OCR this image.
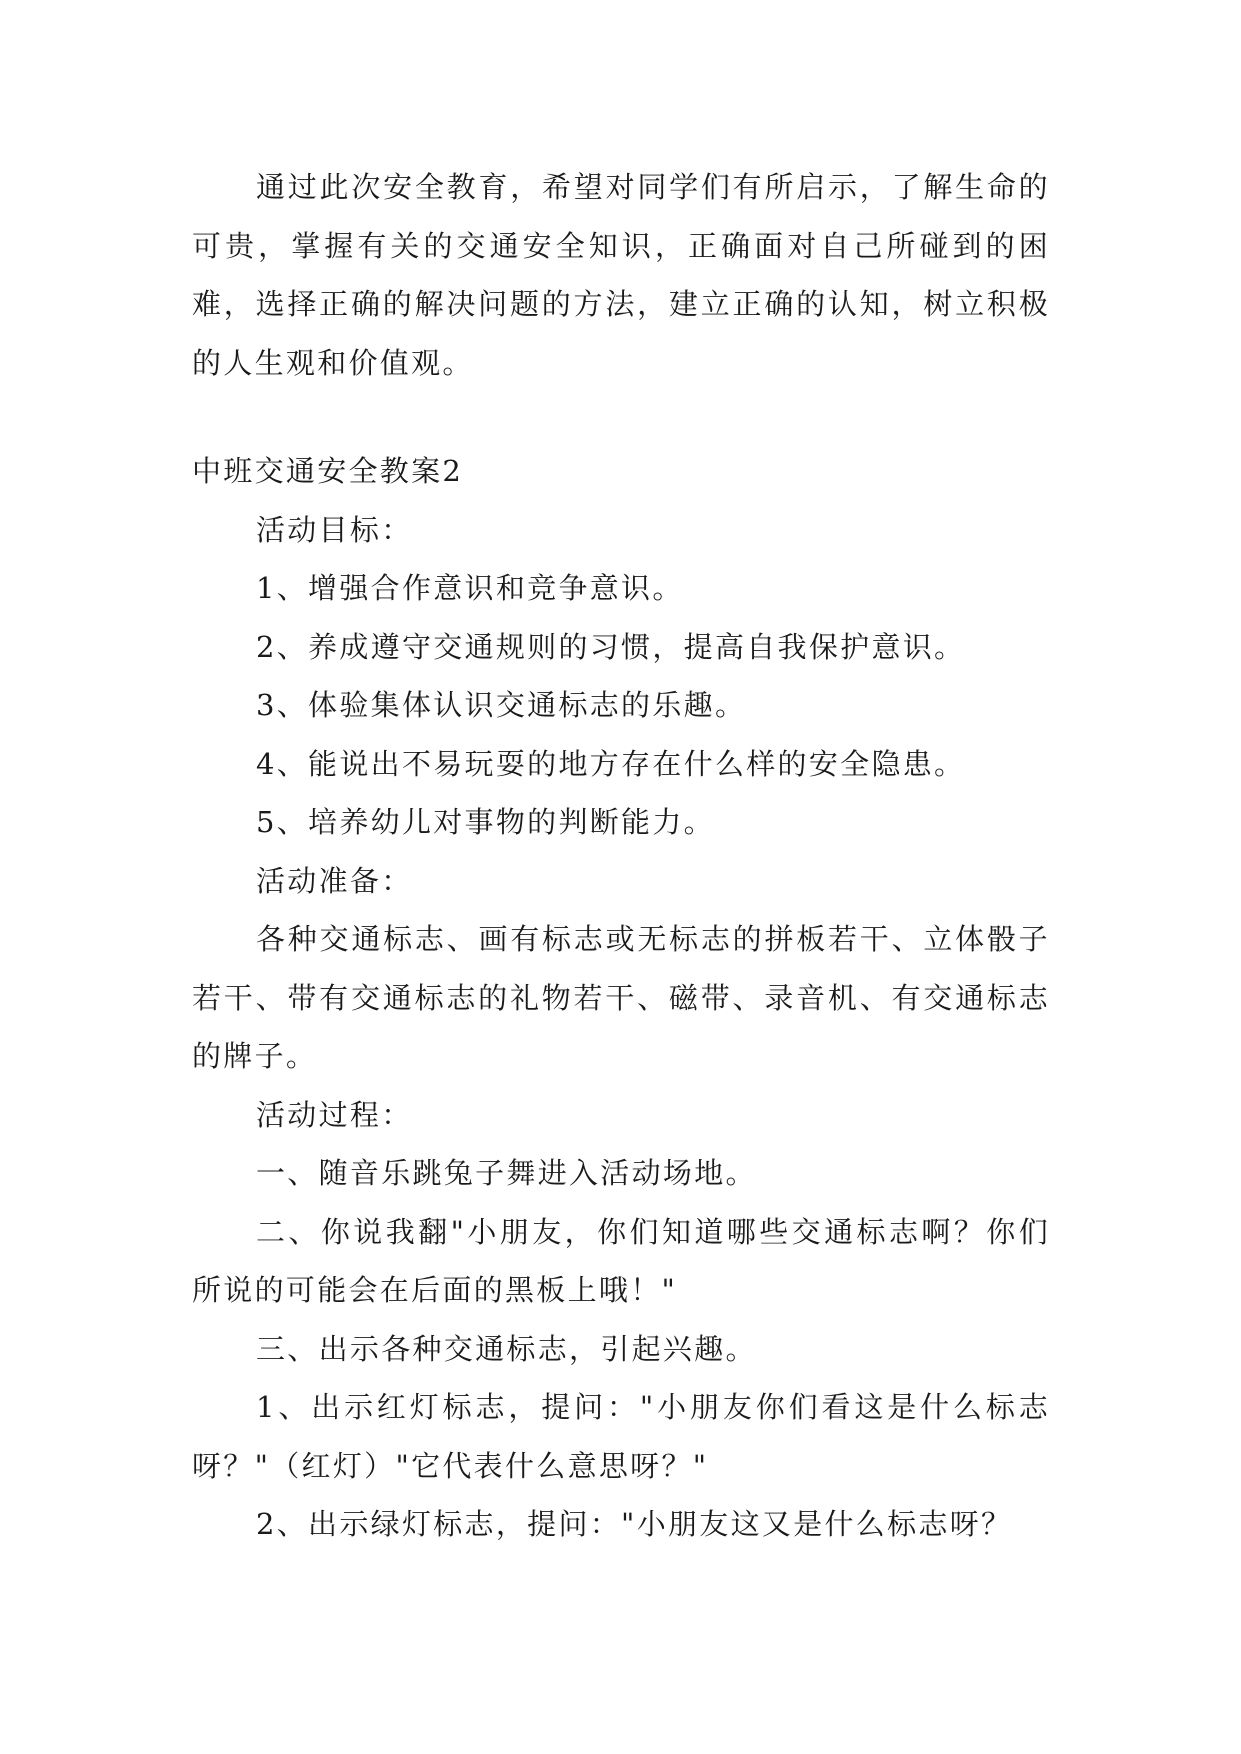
通过此次安全教育，希望对同学们有所启示，了解生命的可贵，掌握有关的交通安全知识，正确面对自己所碰到的困难，选择正确的解决问题的方法，建立正确的认知，树立积极的人生观和价值观。

中班交通安全教案2

活动目标：

1、增强合作意识和竞争意识。

2、养成遵守交通规则的习惯，提高自我保护意识。

3、体验集体认识交通标志的乐趣。

4、能说出不易玩耍的地方存在什么样的安全隐患。

5、培养幼儿对事物的判断能力。

活动准备：

各种交通标志、画有标志或无标志的拼板若干、立体骰子若干、带有交通标志的礼物若干、磁带、录音机、有交通标志的牌子。

活动过程：

一、随音乐跳兔子舞进入活动场地。

二、你说我翻"小朋友，你们知道哪些交通标志啊？你们所说的可能会在后面的黑板上哦！"

三、出示各种交通标志，引起兴趣。

1、出示红灯标志，提问："小朋友你们看这是什么标志呀？"（红灯）"它代表什么意思呀？"

2、出示绿灯标志，提问："小朋友这又是什么标志呀？
